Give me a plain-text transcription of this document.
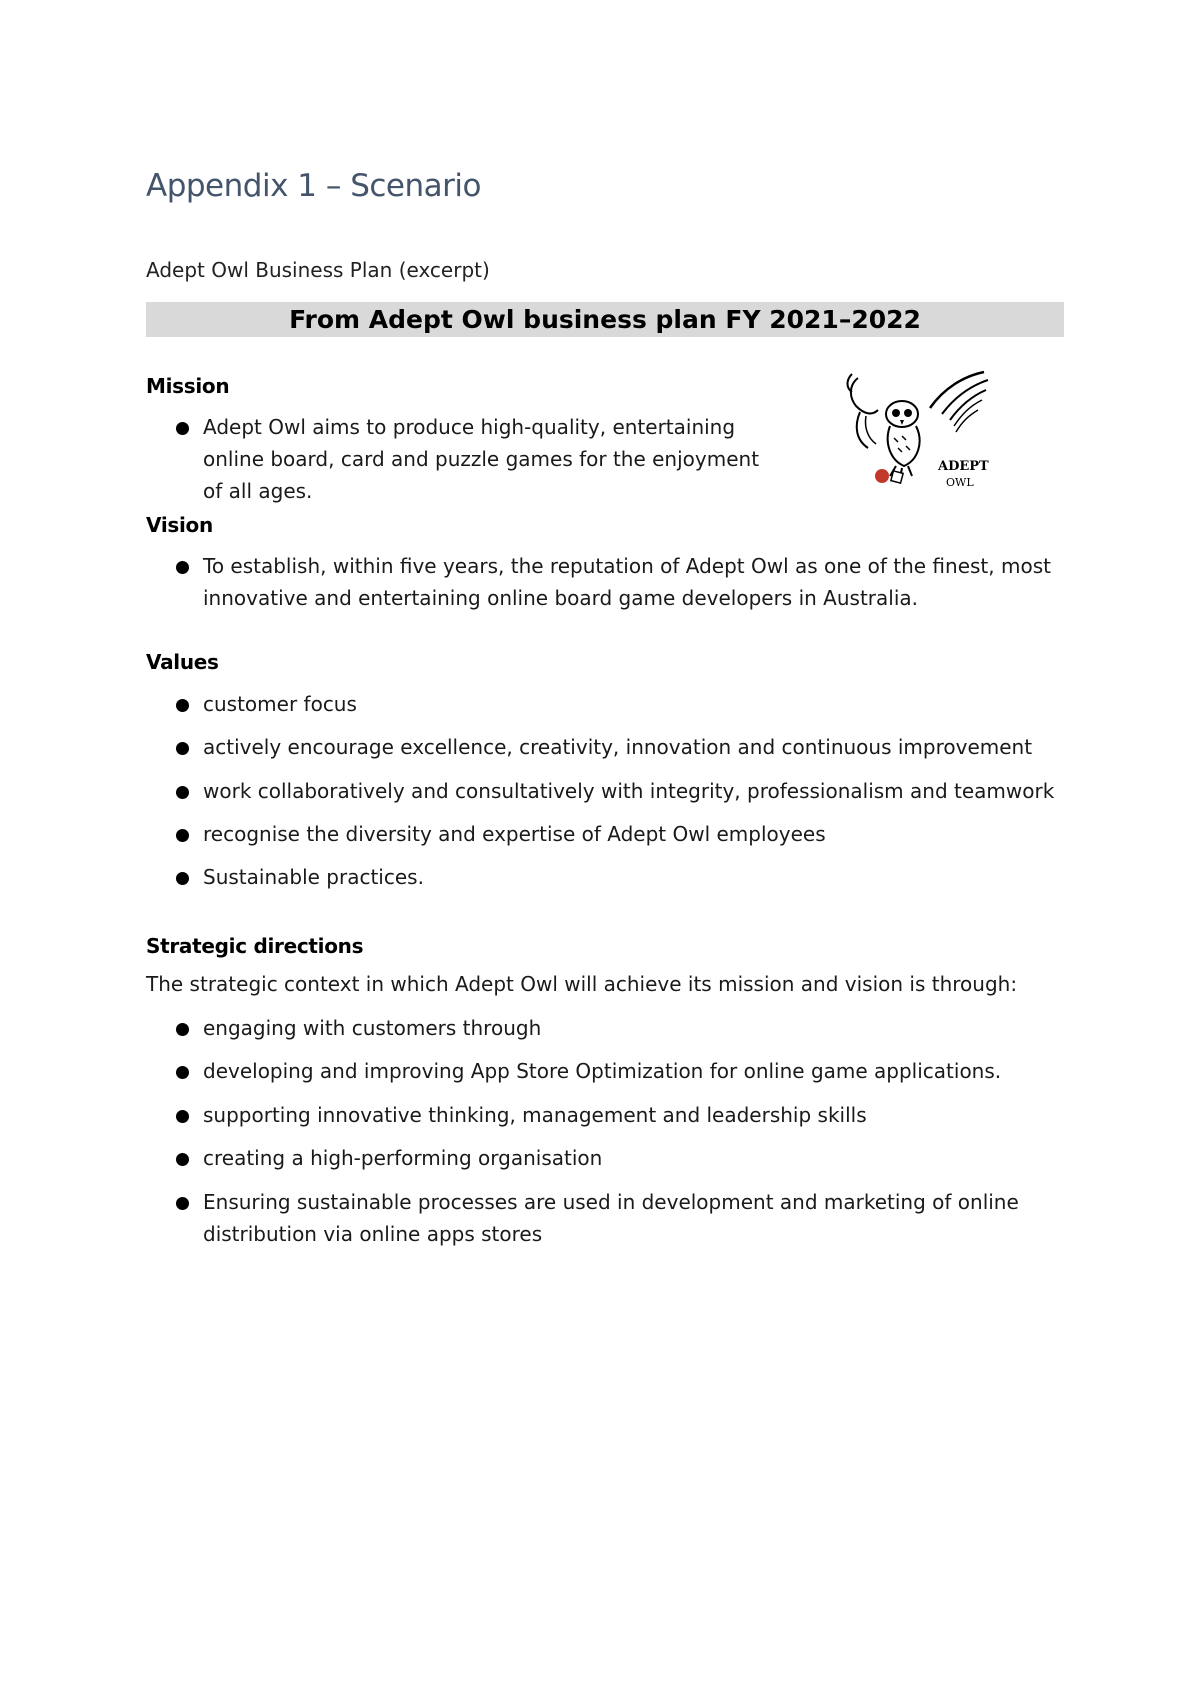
Appendix 1 – Scenario
Adept Owl Business Plan (excerpt)
From Adept Owl business plan FY 2021–2022
Mission
Adept Owl aims to produce high-quality, entertaining online board, card and puzzle games for the enjoyment of all ages.
ADEPT
OWL
Vision
To establish, within five years, the reputation of Adept Owl as one of the finest, most innovative and entertaining online board game developers in Australia.
Values
customer focus
actively encourage excellence, creativity, innovation and continuous improvement
work collaboratively and consultatively with integrity, professionalism and teamwork
recognise the diversity and expertise of Adept Owl employees
Sustainable practices.
Strategic directions
The strategic context in which Adept Owl will achieve its mission and vision is through:
engaging with customers through
developing and improving App Store Optimization for online game applications.
supporting innovative thinking, management and leadership skills
creating a high-performing organisation
Ensuring sustainable processes are used in development and marketing of online distribution via online apps stores
